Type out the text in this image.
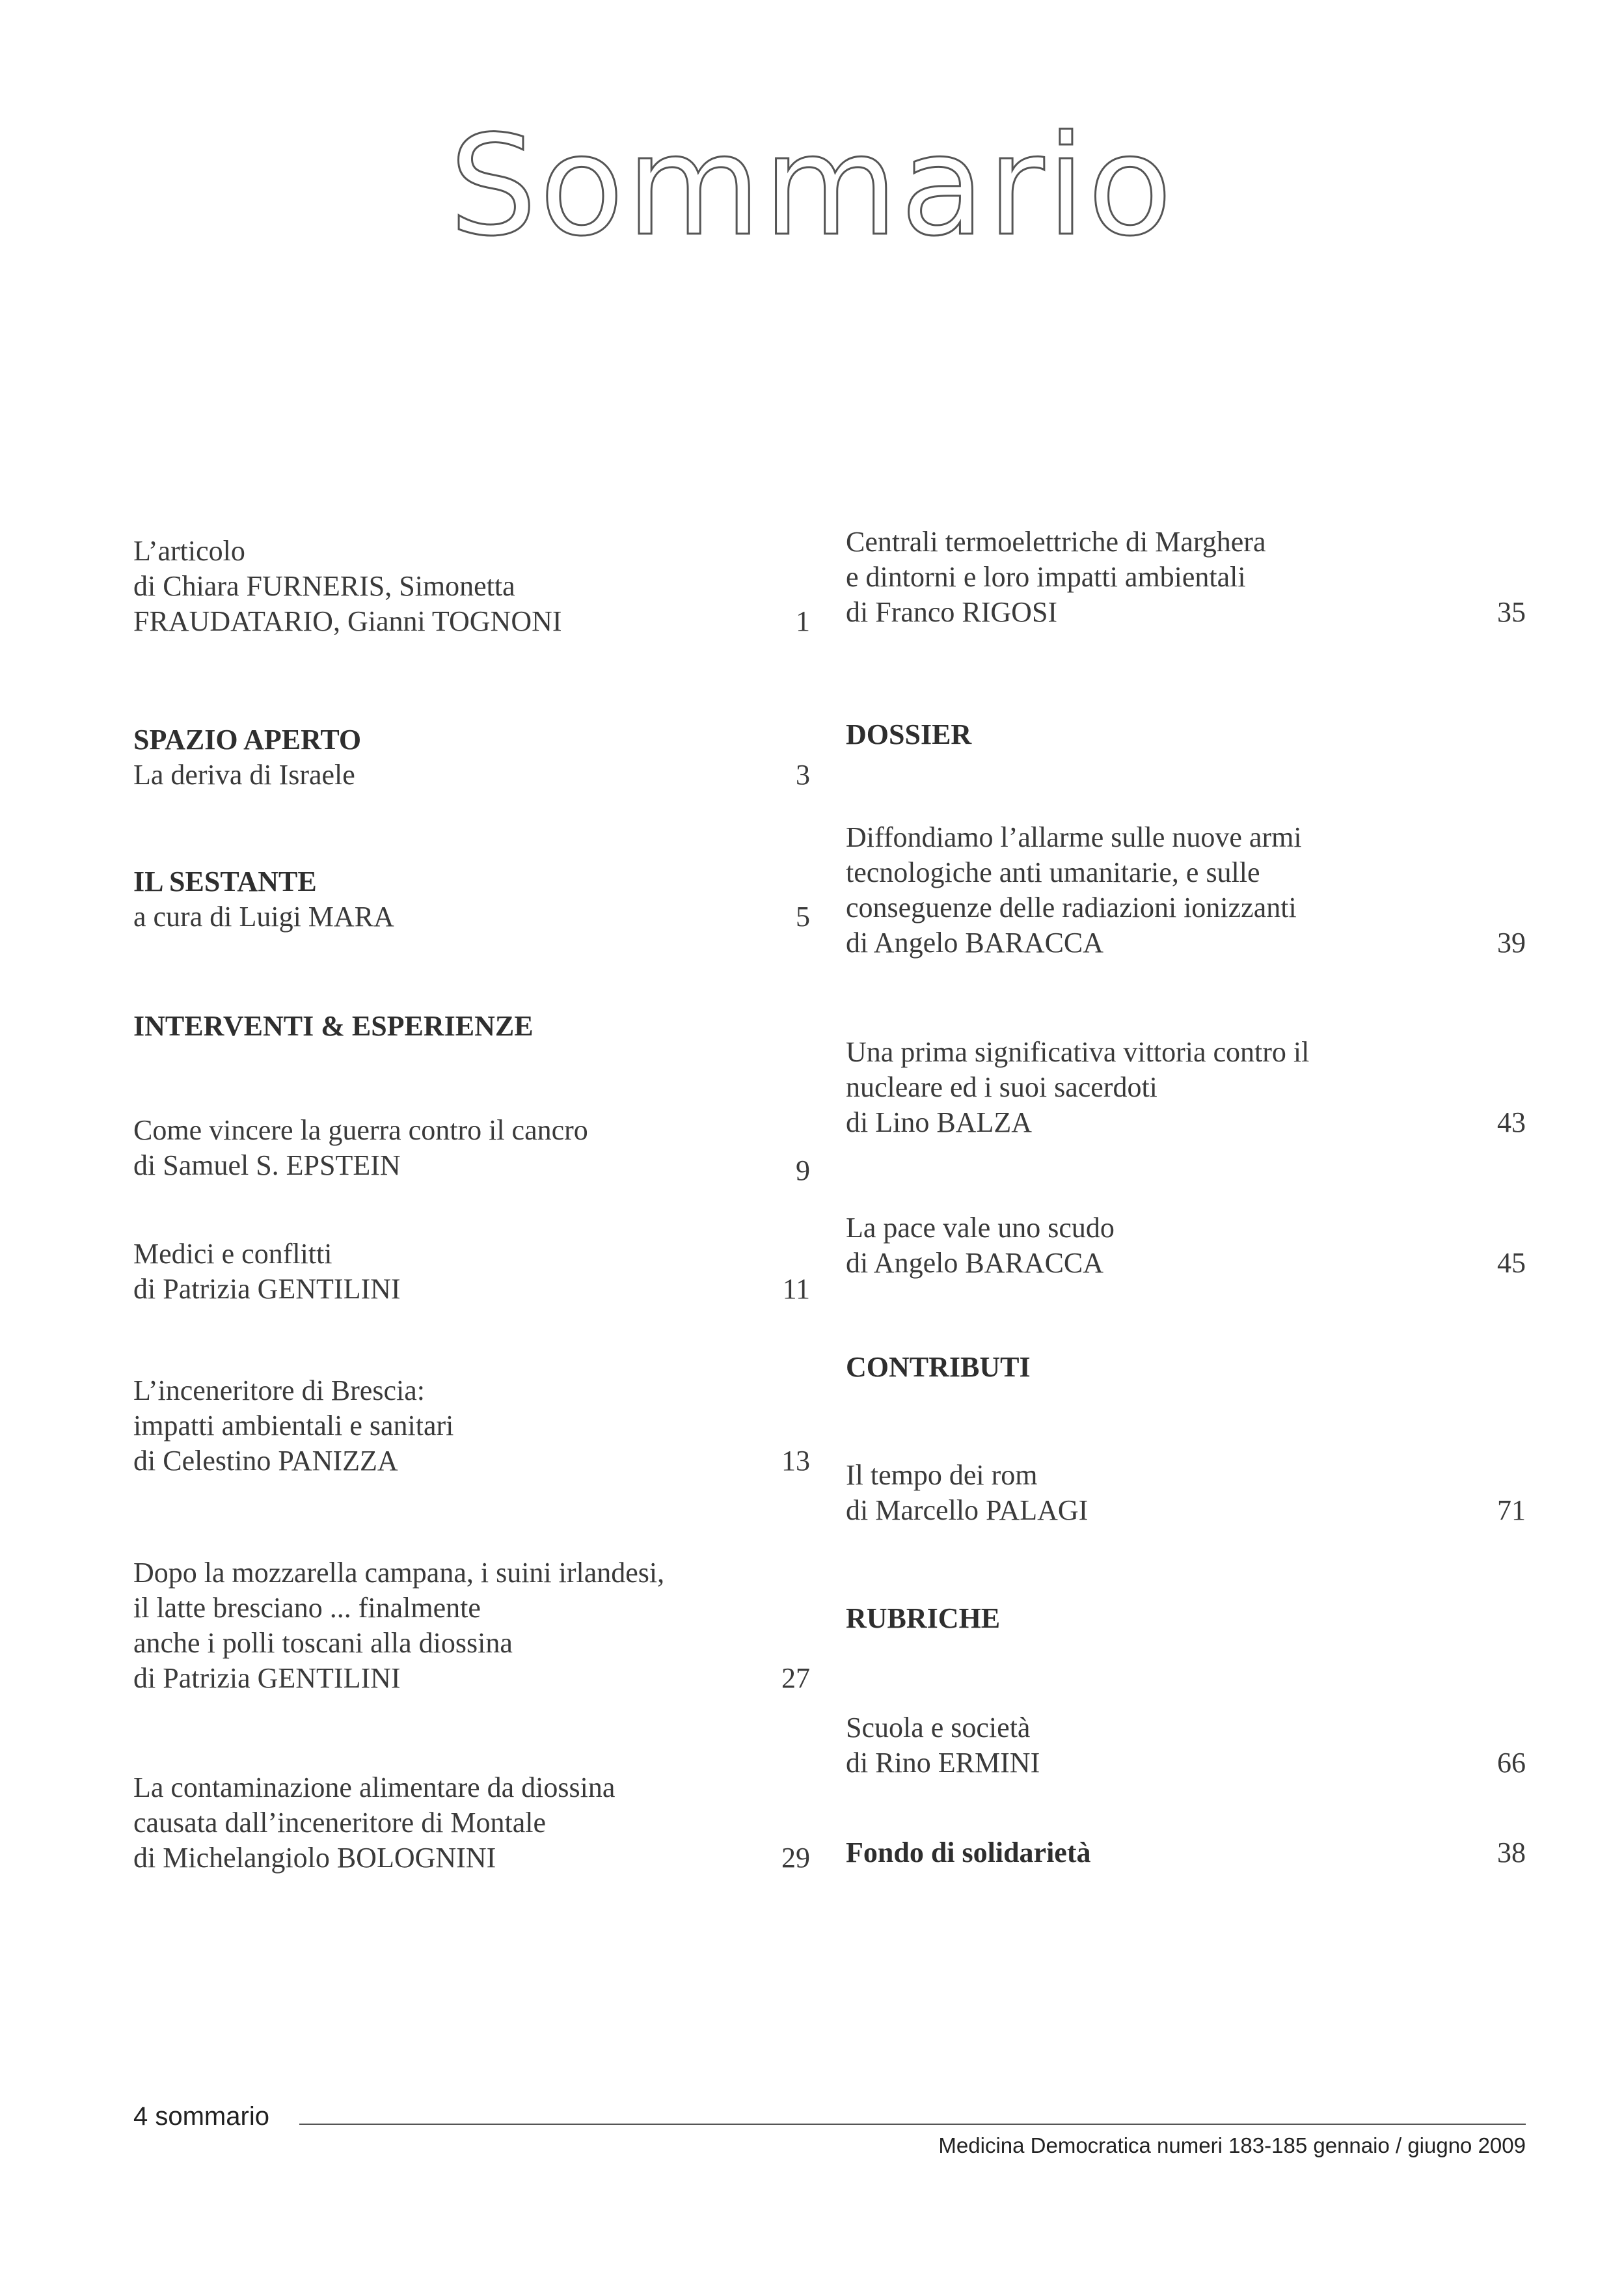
Sommario
L’articolo
di Chiara FURNERIS, Simonetta
FRAUDATARIO, Gianni TOGNONI	1
SPAZIO APERTO
La deriva di Israele	3
IL SESTANTE
a cura di Luigi MARA	5
INTERVENTI & ESPERIENZE
Come vincere la guerra contro il cancro
di Samuel S. EPSTEIN	9
Medici e conflitti
di Patrizia GENTILINI	11
L’inceneritore di Brescia:
impatti ambientali e sanitari
di Celestino PANIZZA	13
Dopo la mozzarella campana, i suini irlandesi,
il latte bresciano ... finalmente
anche i polli toscani alla diossina
di Patrizia GENTILINI	27
La contaminazione alimentare da diossina
causata dall’inceneritore di Montale
di Michelangiolo BOLOGNINI	29
Centrali termoelettriche di Marghera
e dintorni e loro impatti ambientali
di Franco RIGOSI	35
DOSSIER
Diffondiamo l’allarme sulle nuove armi
tecnologiche anti umanitarie, e sulle
conseguenze delle radiazioni ionizzanti
di Angelo BARACCA	39
Una prima significativa vittoria contro il
nucleare ed i suoi sacerdoti
di Lino BALZA	43
La pace vale uno scudo
di Angelo BARACCA	45
CONTRIBUTI
Il tempo dei rom
di Marcello PALAGI	71
RUBRICHE
Scuola e società
di Rino ERMINI	66
Fondo di solidarietà	38
4 sommario
Medicina Democratica numeri 183-185 gennaio / giugno 2009
